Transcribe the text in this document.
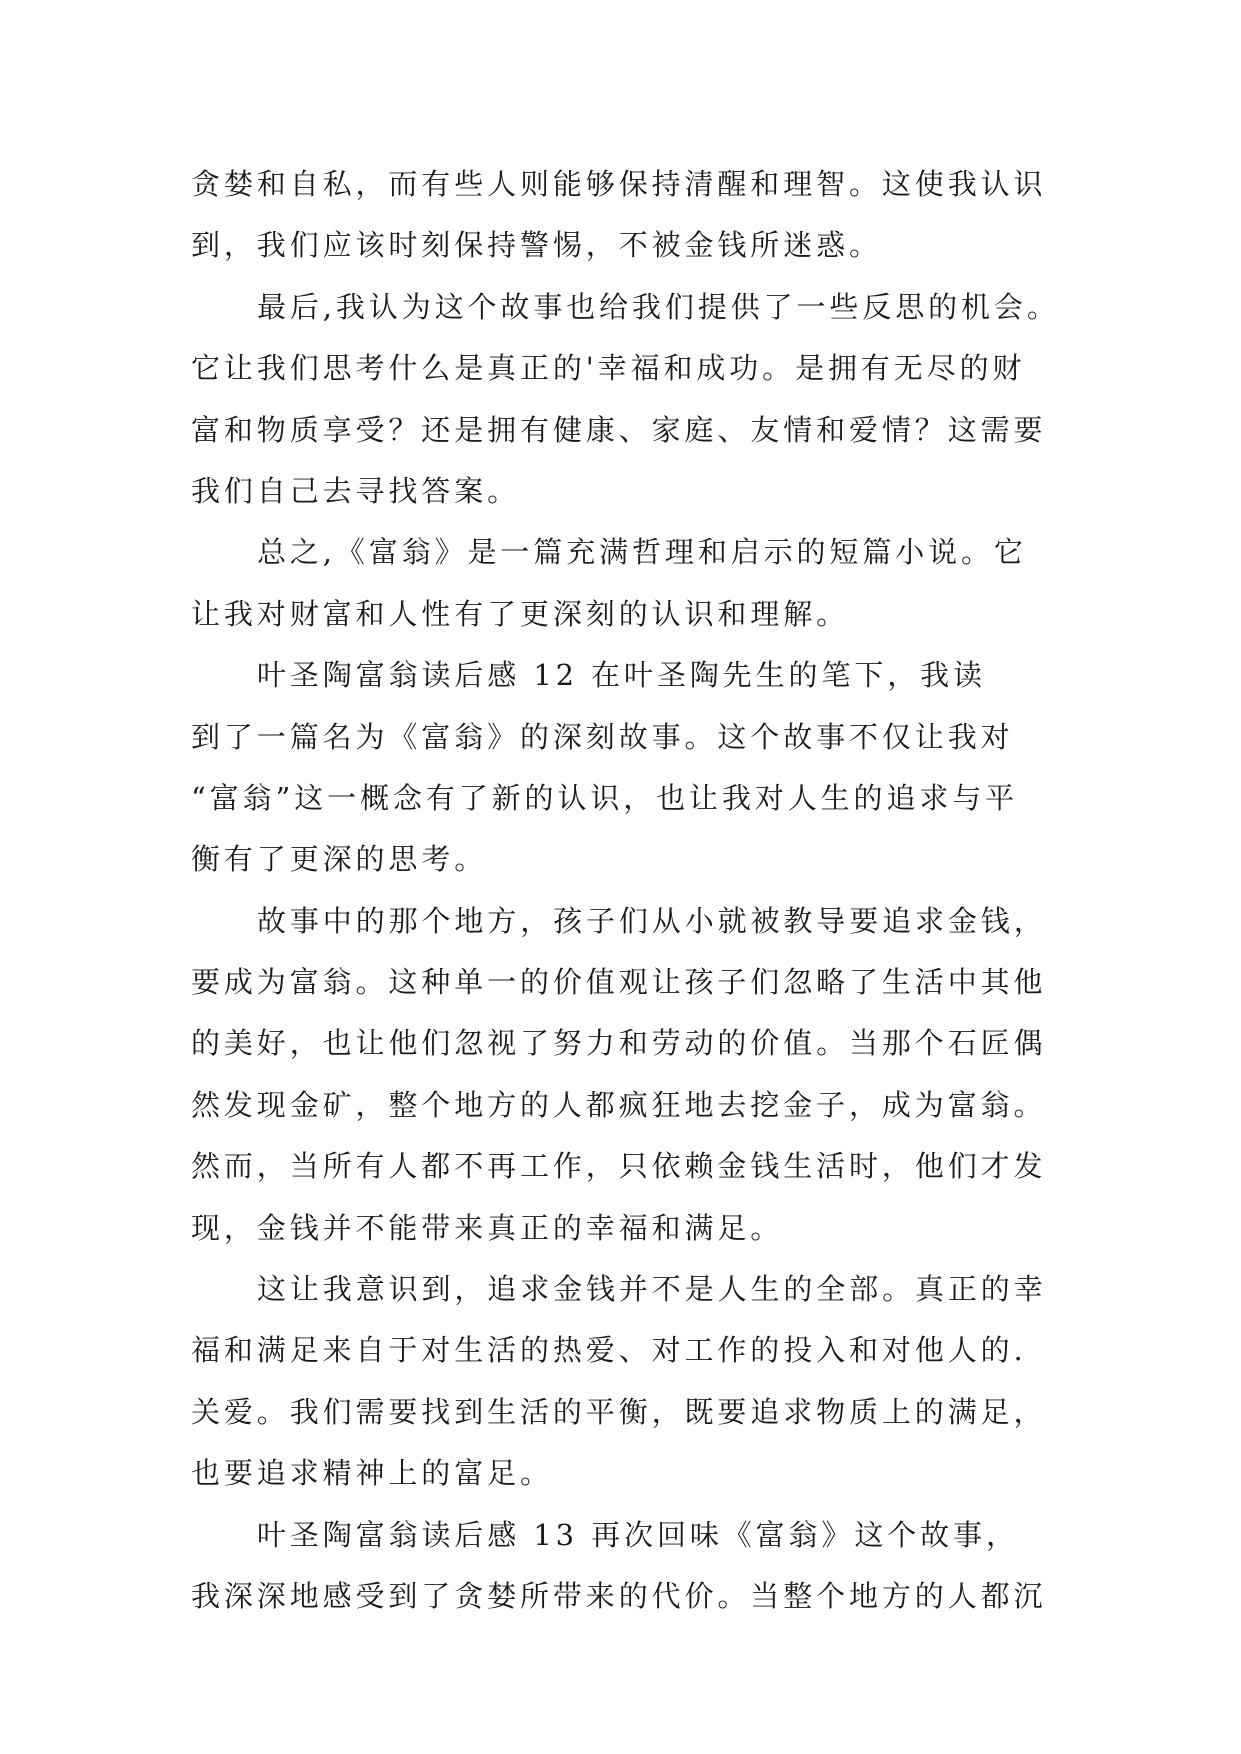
贪婪和自私，而有些人则能够保持清醒和理智。这使我认识
到，我们应该时刻保持警惕，不被金钱所迷惑。
最后,我认为这个故事也给我们提供了一些反思的机会。
它让我们思考什么是真正的'幸福和成功。是拥有无尽的财
富和物质享受？还是拥有健康、家庭、友情和爱情？这需要
我们自己去寻找答案。
总之,《富翁》是一篇充满哲理和启示的短篇小说。它
让我对财富和人性有了更深刻的认识和理解。
叶圣陶富翁读后感 12 在叶圣陶先生的笔下，我读
到了一篇名为《富翁》的深刻故事。这个故事不仅让我对
“富翁”这一概念有了新的认识，也让我对人生的追求与平
衡有了更深的思考。
故事中的那个地方，孩子们从小就被教导要追求金钱，
要成为富翁。这种单一的价值观让孩子们忽略了生活中其他
的美好，也让他们忽视了努力和劳动的价值。当那个石匠偶
然发现金矿，整个地方的人都疯狂地去挖金子，成为富翁。
然而，当所有人都不再工作，只依赖金钱生活时，他们才发
现，金钱并不能带来真正的幸福和满足。
这让我意识到，追求金钱并不是人生的全部。真正的幸
福和满足来自于对生活的热爱、对工作的投入和对他人的.
关爱。我们需要找到生活的平衡，既要追求物质上的满足，
也要追求精神上的富足。
叶圣陶富翁读后感 13 再次回味《富翁》这个故事，
我深深地感受到了贪婪所带来的代价。当整个地方的人都沉
